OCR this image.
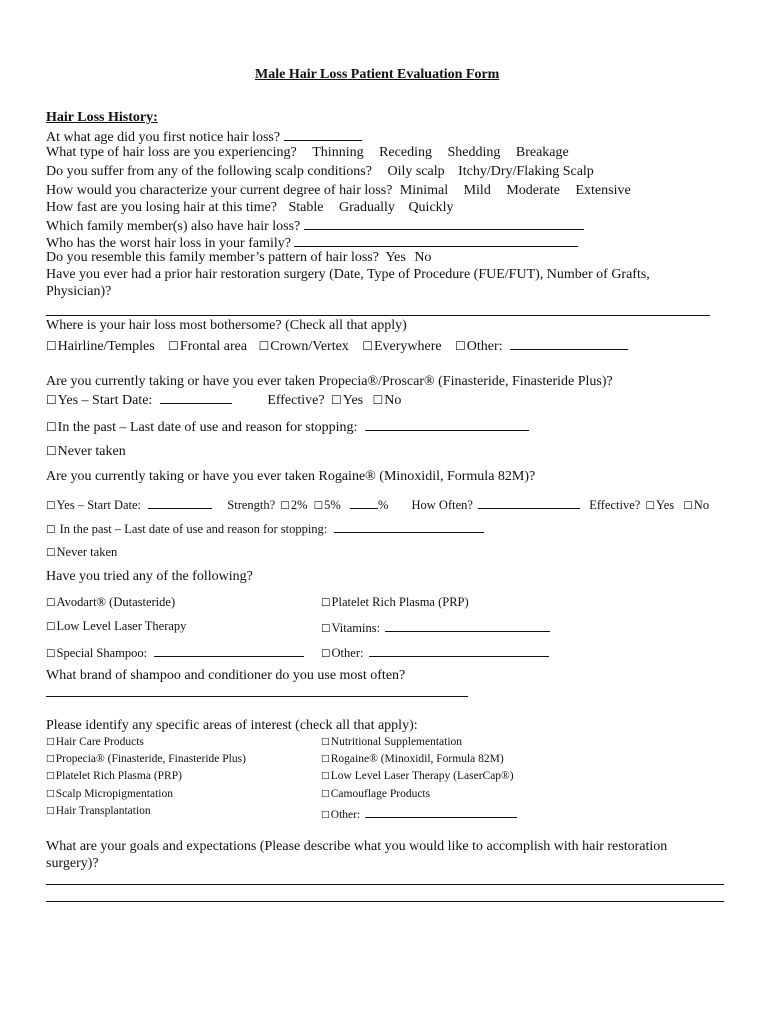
Male Hair Loss Patient Evaluation Form
Hair Loss History:
At what age did you first notice hair loss?
What type of hair loss are you experiencing? Thinning Receding Shedding Breakage
Do you suffer from any of the following scalp conditions? Oily scalp Itchy/Dry/Flaking Scalp
How would you characterize your current degree of hair loss? Minimal Mild Moderate Extensive
How fast are you losing hair at this time? Stable Gradually Quickly
Which family member(s) also have hair loss?
Who has the worst hair loss in your family?
Do you resemble this family member’s pattern of hair loss? Yes No
Have you ever had a prior hair restoration surgery (Date, Type of Procedure (FUE/FUT), Number of Grafts,
Physician)?
Where is your hair loss most bothersome? (Check all that apply)
☐Hairline/Temples ☐Frontal area ☐Crown/Vertex ☐Everywhere ☐Other:
Are you currently taking or have you ever taken Propecia®/Proscar® (Finasteride, Finasteride Plus)?
☐Yes – Start Date:	Effective? ☐Yes ☐No
☐In the past – Last date of use and reason for stopping:
☐Never taken
Are you currently taking or have you ever taken Rogaine® (Minoxidil, Formula 82M)?
☐Yes – Start Date:	Strength? ☐2% ☐5%	% How Often?	Effective? ☐Yes ☐No
☐ In the past – Last date of use and reason for stopping:
☐Never taken
Have you tried any of the following?
☐Avodart® (Dutasteride)	☐Platelet Rich Plasma (PRP)
☐Low Level Laser Therapy	☐Vitamins:
☐Special Shampoo:	☐Other:
What brand of shampoo and conditioner do you use most often?
Please identify any specific areas of interest (check all that apply):
☐Hair Care Products	☐Nutritional Supplementation
☐Propecia® (Finasteride, Finasteride Plus)	☐Rogaine® (Minoxidil, Formula 82M)
☐Platelet Rich Plasma (PRP)	☐Low Level Laser Therapy (LaserCap®)
☐Scalp Micropigmentation	☐Camouflage Products
☐Hair Transplantation	☐Other:
What are your goals and expectations (Please describe what you would like to accomplish with hair restoration
surgery)?
